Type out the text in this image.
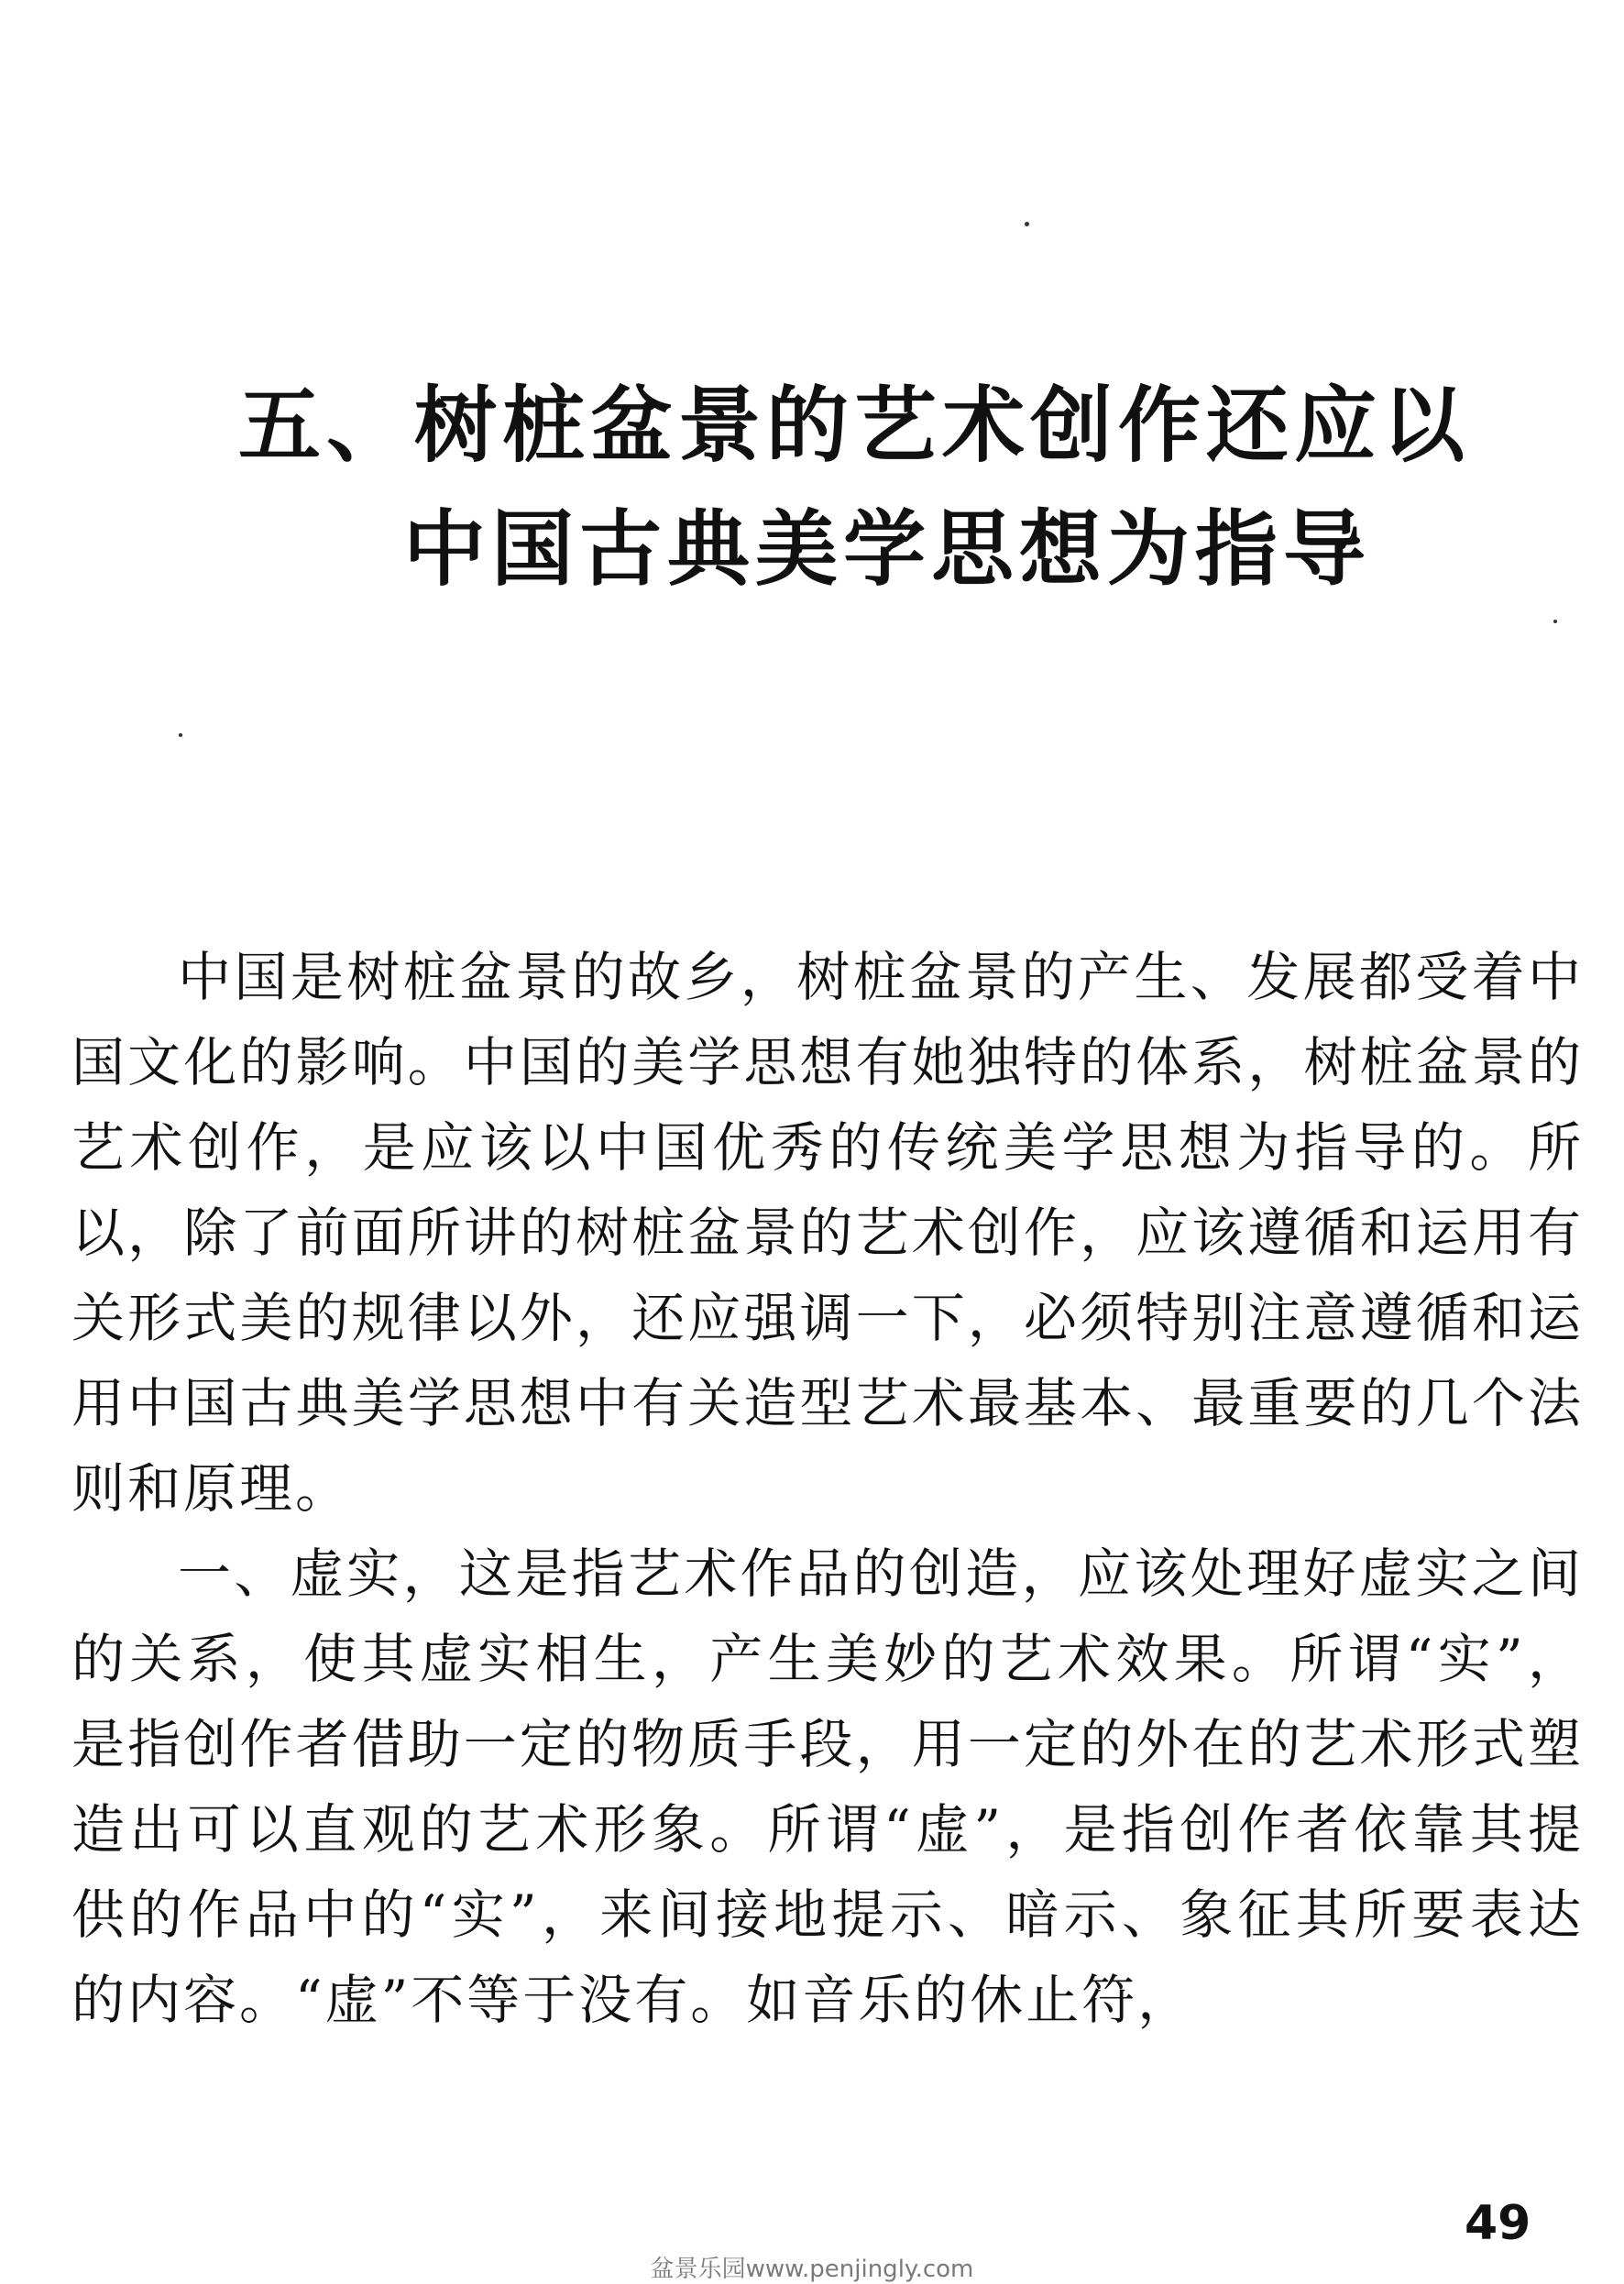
五、树桩盆景的艺术创作还应以
中国古典美学思想为指导

中国是树桩盆景的故乡，树桩盆景的产生、发展都受着中国文化的影响。中国的美学思想有她独特的体系，树桩盆景的艺术创作，是应该以中国优秀的传统美学思想为指导的。所以，除了前面所讲的树桩盆景的艺术创作，应该遵循和运用有关形式美的规律以外，还应强调一下，必须特别注意遵循和运用中国古典美学思想中有关造型艺术最基本、最重要的几个法则和原理。

一、虚实，这是指艺术作品的创造，应该处理好虚实之间的关系，使其虚实相生，产生美妙的艺术效果。所谓“实”，是指创作者借助一定的物质手段，用一定的外在的艺术形式塑造出可以直观的艺术形象。所谓“虚”，是指创作者依靠其提供的作品中的“实”，来间接地提示、暗示、象征其所要表达的内容。“虚”不等于没有。如音乐的休止符，

49
盆景乐园www.penjingly.com
